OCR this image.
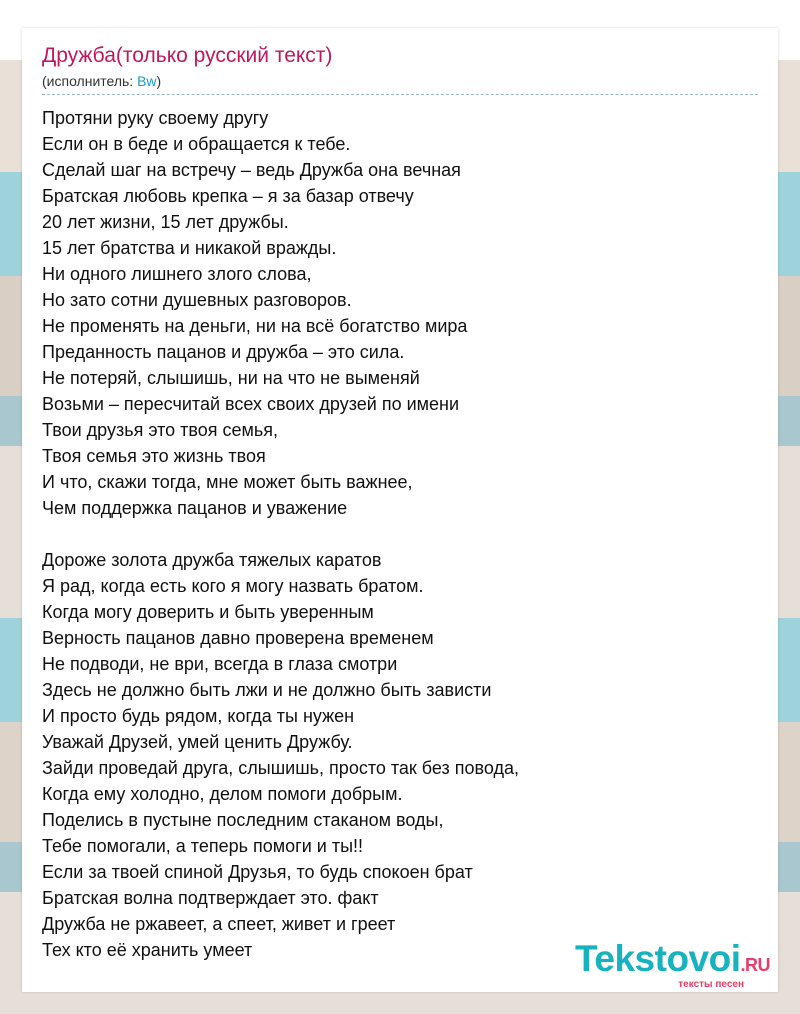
Дружба(только русский текст)
(исполнитель: Bw)
Протяни руку своему другу
Если он в беде и обращается к тебе.
Сделай шаг на встречу – ведь Дружба она вечная
Братская любовь крепка – я за базар отвечу
20 лет жизни, 15 лет дружбы.
15 лет братства и никакой вражды.
Ни одного лишнего злого слова,
Но зато сотни душевных разговоров.
Не променять на деньги, ни на всё богатство мира
Преданность пацанов и дружба – это сила.
Не потеряй, слышишь, ни на что не выменяй
Возьми – пересчитай всех своих друзей по имени
Твои друзья это твоя семья,
Твоя семья это жизнь твоя
И что, скажи тогда, мне может быть важнее,
Чем поддержка пацанов и уважение

Дороже золота дружба тяжелых каратов
Я рад, когда есть кого я могу назвать братом.
Когда могу доверить и быть уверенным
Верность пацанов давно проверена временем
Не подводи, не ври, всегда в глаза смотри
Здесь не должно быть лжи и не должно быть зависти
И просто будь рядом, когда ты нужен
Уважай Друзей, умей ценить Дружбу.
Зайди проведай друга, слышишь, просто так без повода,
Когда ему холодно, делом помоги добрым.
Поделись в пустыне последним стаканом воды,
Тебе помогали, а теперь помоги и ты!!
Если за твоей спиной Друзья, то будь спокоен брат
Братская волна подтверждает это. факт
Дружба не ржавеет, а спеет, живет и греет
Тех кто её хранить умеет	Tekstovoi.RU
тексты песен
